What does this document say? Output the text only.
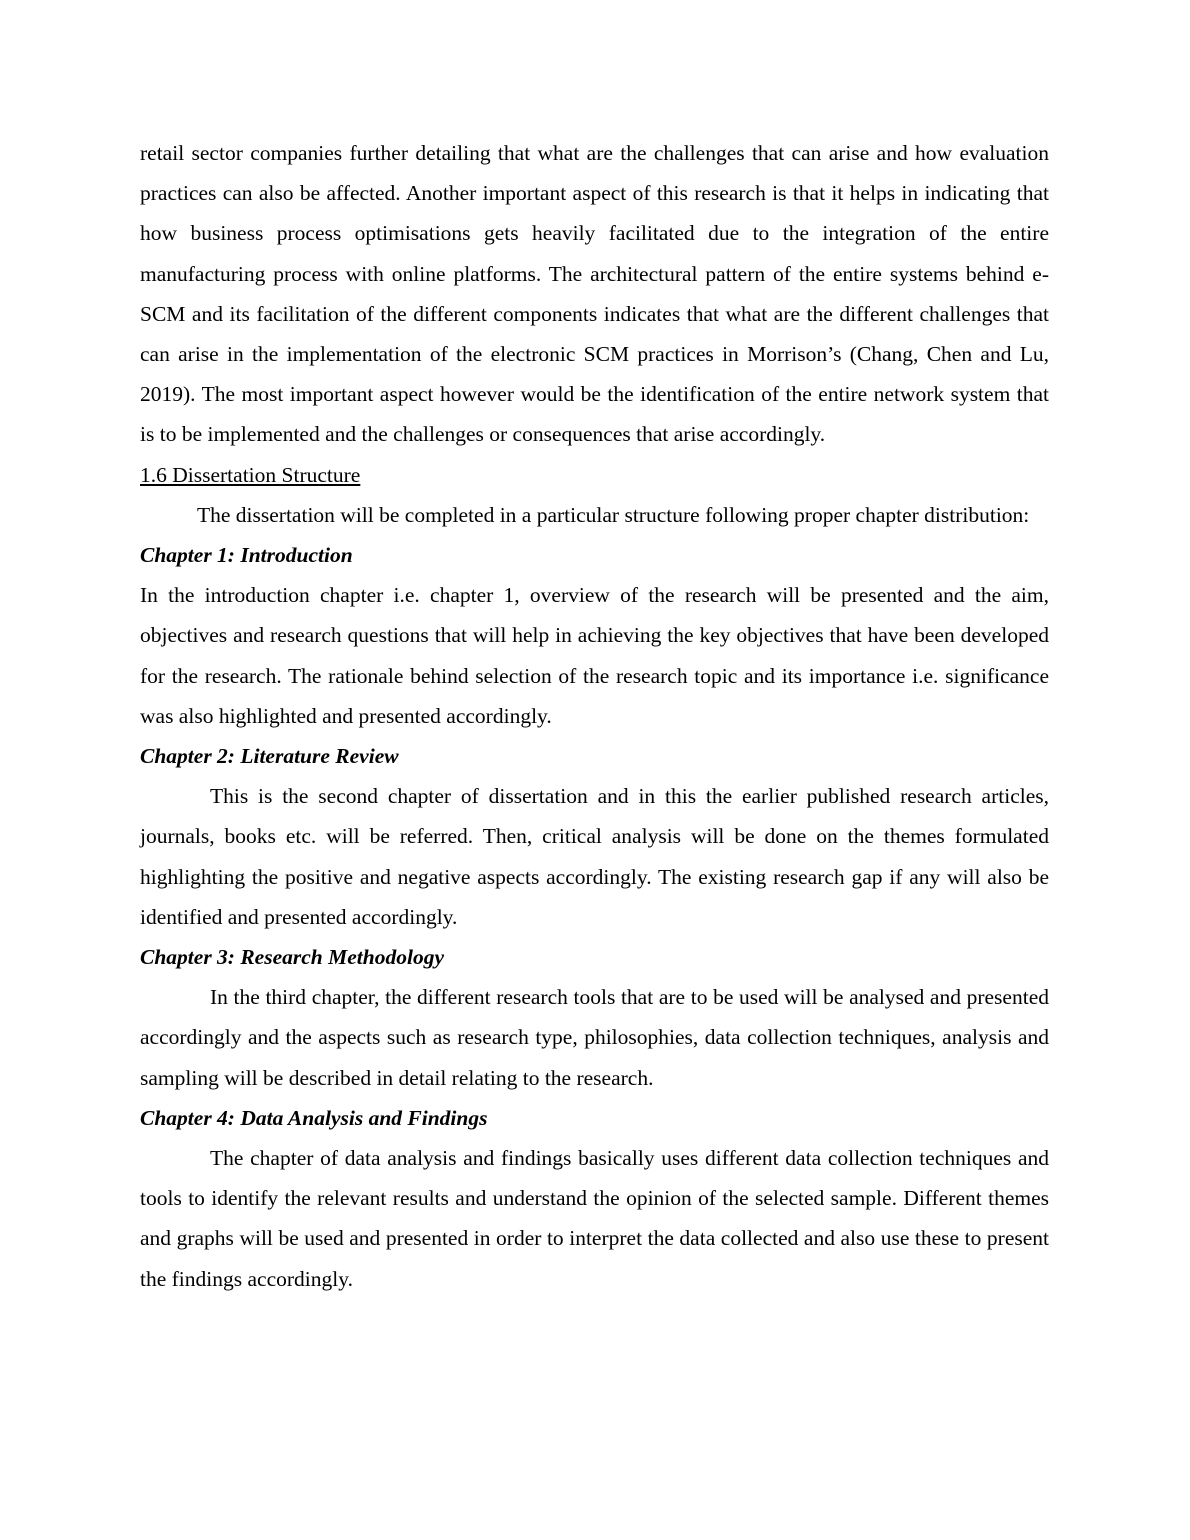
retail sector companies further detailing that what are the challenges that can arise and how evaluation practices can also be affected. Another important aspect of this research is that it helps in indicating that how business process optimisations gets heavily facilitated due to the integration of the entire manufacturing process with online platforms. The architectural pattern of the entire systems behind e- SCM and its facilitation of the different components indicates that what are the different challenges that can arise in the implementation of the electronic SCM practices in Morrison’s (Chang, Chen and Lu, 2019). The most important aspect however would be the identification of the entire network system that is to be implemented and the challenges or consequences that arise accordingly.

1.6 Dissertation Structure

The dissertation will be completed in a particular structure following proper chapter distribution:

Chapter 1: Introduction

In the introduction chapter i.e. chapter 1, overview of the research will be presented and the aim, objectives and research questions that will help in achieving the key objectives that have been developed for the research. The rationale behind selection of the research topic and its importance i.e. significance was also highlighted and presented accordingly.

Chapter 2: Literature Review

This is the second chapter of dissertation and in this the earlier published research articles, journals, books etc. will be referred. Then, critical analysis will be done on the themes formulated highlighting the positive and negative aspects accordingly. The existing research gap if any will also be identified and presented accordingly.

Chapter 3: Research Methodology

In the third chapter, the different research tools that are to be used will be analysed and presented accordingly and the aspects such as research type, philosophies, data collection techniques, analysis and sampling will be described in detail relating to the research.

Chapter 4: Data Analysis and Findings

The chapter of data analysis and findings basically uses different data collection techniques and tools to identify the relevant results and understand the opinion of the selected sample. Different themes and graphs will be used and presented in order to interpret the data collected and also use these to present the findings accordingly.
